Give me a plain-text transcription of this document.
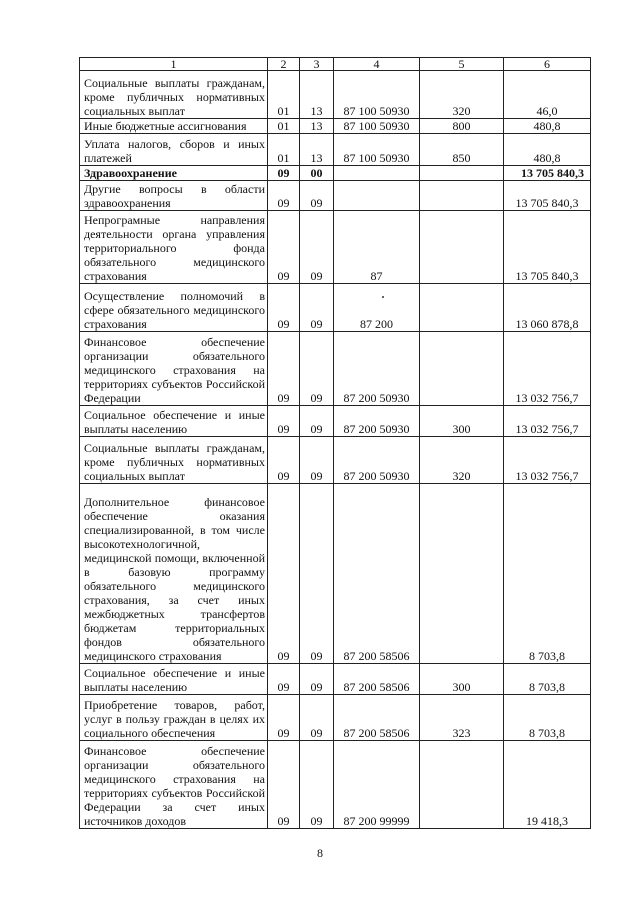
1	2	3	4	5	6
Социальные выплаты гражданам, кроме публичных нормативных социальных выплат	01	13	87 100 50930	320	46,0
Иные бюджетные ассигнования	01	13	87 100 50930	800	480,8
Уплата налогов, сборов и иных платежей	01	13	87 100 50930	850	480,8
Здравоохранение	09	00			13 705 840,3
Другие вопросы в области здравоохранения	09	09			13 705 840,3
Непрограмные направления деятельности органа управления территориального фонда обязательного медицинского страхования	09	09	87		13 705 840,3
Осуществление полномочий в сфере обязательного медицинского страхования	09	09	87 200		13 060 878,8
Финансовое обеспечение организации обязательного медицинского страхования на территориях субъектов Российской Федерации	09	09	87 200 50930		13 032 756,7
Социальное обеспечение и иные выплаты населению	09	09	87 200 50930	300	13 032 756,7
Социальные выплаты гражданам, кроме публичных нормативных социальных выплат	09	09	87 200 50930	320	13 032 756,7
Дополнительное финансовое обеспечение оказания специализированной, в том числе высокотехнологичной, медицинской помощи, включенной в базовую программу обязательного медицинского страхования, за счет иных межбюджетных трансфертов бюджетам территориальных фондов обязательного медицинского страхования	09	09	87 200 58506		8 703,8
Социальное обеспечение и иные выплаты населению	09	09	87 200 58506	300	8 703,8
Приобретение товаров, работ, услуг в пользу граждан в целях их социального обеспечения	09	09	87 200 58506	323	8 703,8
Финансовое обеспечение организации обязательного медицинского страхования на территориях субъектов Российской Федерации за счет иных источников доходов	09	09	87 200 99999		19 418,3
8
